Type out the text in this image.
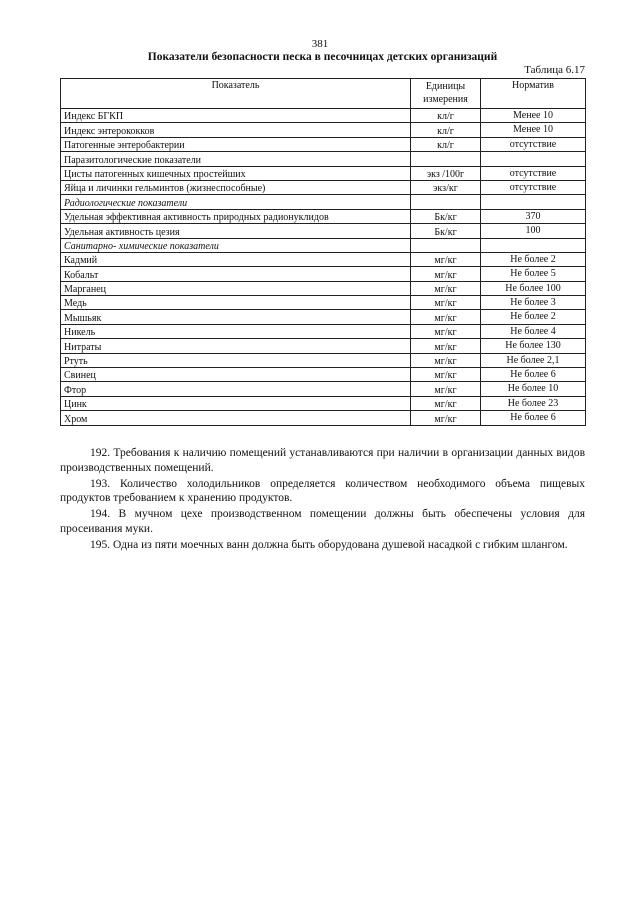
381
Показатели безопасности песка в песочницах детских организаций
Таблица 6.17
Показатель	Единицы измерения	Норматив
Индекс БГКП	кл/г	Менее 10
Индекс энтерококков	кл/г	Менее 10
Патогенные энтеробактерии	кл/г	отсутствие
Паразитологические показатели		
Цисты патогенных кишечных простейших	экз /100г	отсутствие
Яйца и личинки гельминтов (жизнеспособные)	экз/кг	отсутствие
Радиологические показатели		
Удельная эффективная активность природных радионуклидов	Бк/кг	370
Удельная активность цезия	Бк/кг	100
Санитарно- химические показатели		
Кадмий	мг/кг	Не более 2
Кобальт	мг/кг	Не более 5
Марганец	мг/кг	Не более 100
Медь	мг/кг	Не более 3
Мышьяк	мг/кг	Не более 2
Никель	мг/кг	Не более 4
Нитраты	мг/кг	Не более 130
Ртуть	мг/кг	Не более 2,1
Свинец	мг/кг	Не более 6
Фтор	мг/кг	Не более 10
Цинк	мг/кг	Не более 23
Хром	мг/кг	Не более 6

192. Требования к наличию помещений устанавливаются при наличии в организации данных видов производственных помещений.

193. Количество холодильников определяется количеством необходимого объема пищевых продуктов требованием к хранению продуктов.

194. В мучном цехе производственном помещении должны быть обеспечены условия для просеивания муки.

195. Одна из пяти моечных ванн должна быть оборудована душевой насадкой с гибким шлангом.
